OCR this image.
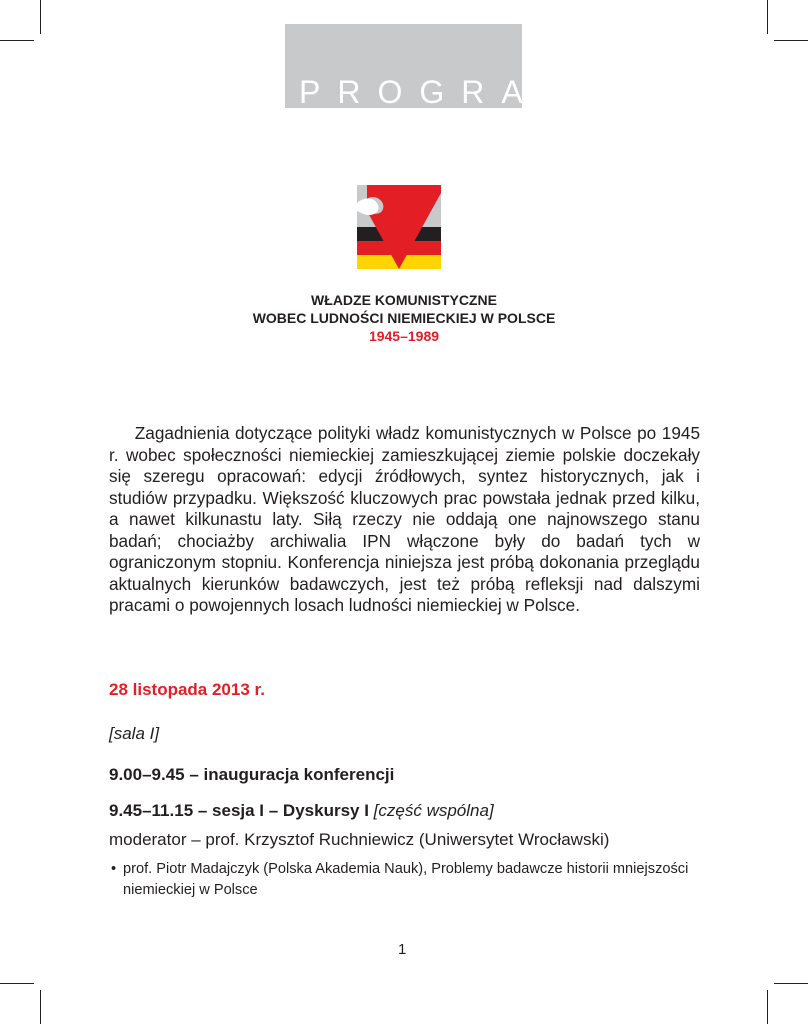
PROGRAM
WŁADZE KOMUNISTYCZNE
WOBEC LUDNOŚCI NIEMIECKIEJ W POLSCE
1945–1989

  Zagadnienia dotyczące polityki władz komunistycznych w Polsce po 1945 r. wobec społeczności niemieckiej zamieszkującej ziemie polskie doczekały się szeregu opracowań: edycji źródłowych, syntez historycznych, jak i studiów przypadku. Większość kluczowych prac powstała jednak przed kilku, a nawet kilkunastu laty. Siłą rzeczy nie oddają one najnowszego stanu badań; chociażby archiwalia IPN włączone były do badań tych w ograniczonym stopniu. Konferencja niniejsza jest próbą dokonania przeglądu aktualnych kierunków badawczych, jest też próbą refleksji nad dalszymi pracami o powojennych losach ludności niemieckiej w Polsce.

28 listopada 2013 r.

[sala I]

9.00–9.45 – inauguracja konferencji

9.45–11.15 – sesja I – Dyskursy I [część wspólna]

moderator – prof. Krzysztof Ruchniewicz (Uniwersytet Wrocławski)

• prof. Piotr Madajczyk (Polska Akademia Nauk), Problemy badawcze historii mniejszości niemieckiej w Polsce
1
